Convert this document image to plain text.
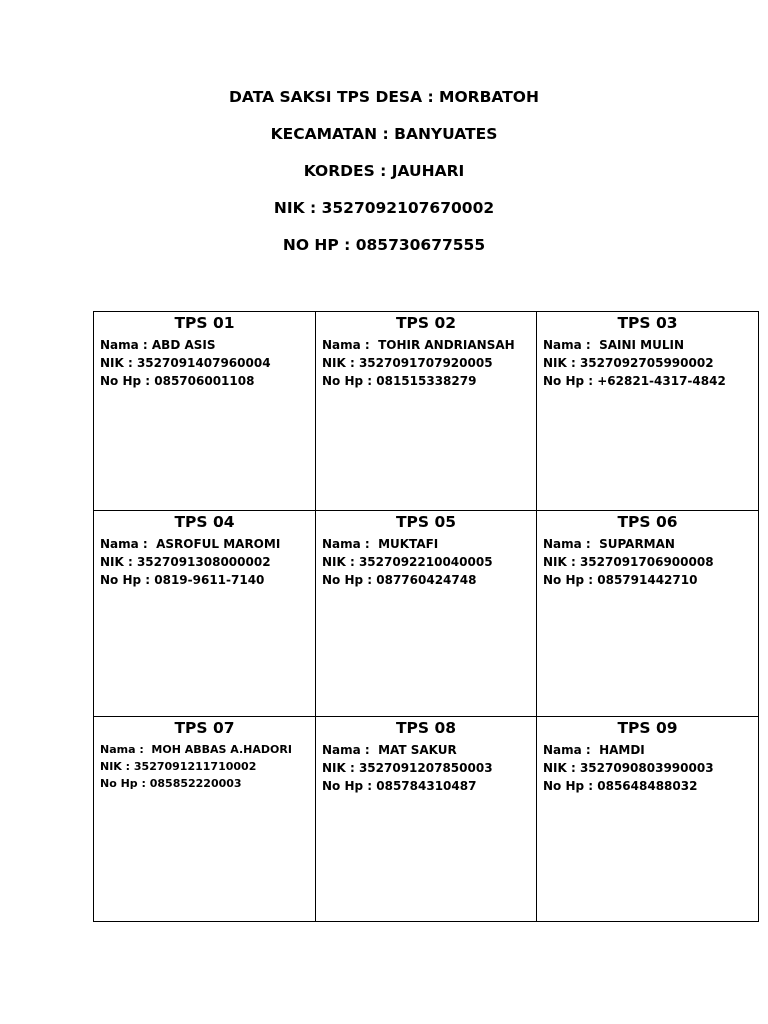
DATA SAKSI TPS DESA : MORBATOH
KECAMATAN : BANYUATES
KORDES : JAUHARI
NIK : 3527092107670002
NO HP : 085730677555
TPS 01
Nama : ABD ASIS
NIK : 3527091407960004
No Hp : 085706001108
TPS 02
Nama :  TOHIR ANDRIANSAH
NIK : 3527091707920005
No Hp : 081515338279
TPS 03
Nama :  SAINI MULIN
NIK : 3527092705990002
No Hp : +62821-4317-4842
TPS 04
Nama :  ASROFUL MAROMI
NIK : 3527091308000002
No Hp : 0819-9611-7140
TPS 05
Nama :  MUKTAFI
NIK : 3527092210040005
No Hp : 087760424748
TPS 06
Nama :  SUPARMAN
NIK : 3527091706900008
No Hp : 085791442710
TPS 07
Nama :  MOH ABBAS A.HADORI
NIK : 3527091211710002
No Hp : 085852220003
TPS 08
Nama :  MAT SAKUR
NIK : 3527091207850003
No Hp : 085784310487
TPS 09
Nama :  HAMDI
NIK : 3527090803990003
No Hp : 085648488032
